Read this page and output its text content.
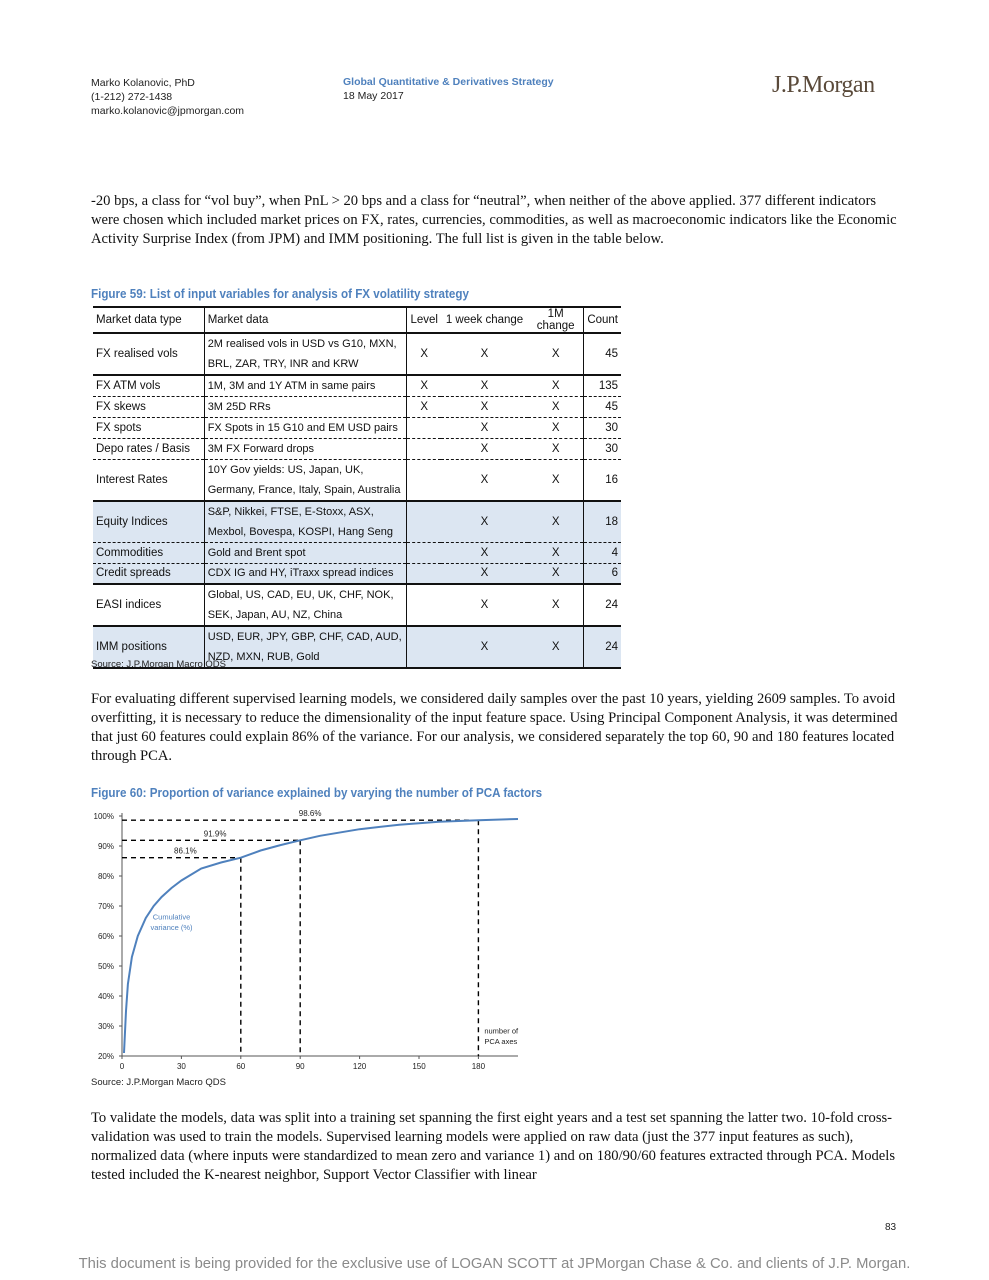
Marko Kolanovic, PhD
(1-212) 272-1438
marko.kolanovic@jpmorgan.com
Global Quantitative & Derivatives Strategy
18 May 2017	J.P.Morgan

-20 bps, a class for “vol buy”, when PnL > 20 bps and a class for “neutral”, when neither of the above applied. 377 different indicators were chosen which included market prices on FX, rates, currencies, commodities, as well as macroeconomic indicators like the Economic Activity Surprise Index (from JPM) and IMM positioning. The full list is given in the table below.

Figure 59: List of input variables for analysis of FX volatility strategy
Market data type	Market data	Level	1 week change	1M change	Count
FX realised vols	2M realised vols in USD vs G10, MXN, BRL, ZAR, TRY, INR and KRW	X	X	X	45
FX ATM vols	1M, 3M and 1Y ATM in same pairs	X	X	X	135
FX skews	3M 25D RRs	X	X	X	45
FX spots	FX Spots in 15 G10 and EM USD pairs		X	X	30
Depo rates / Basis	3M FX Forward drops		X	X	30
Interest Rates	10Y Gov yields: US, Japan, UK, Germany, France, Italy, Spain, Australia		X	X	16
Equity Indices	S&P, Nikkei, FTSE, E-Stoxx, ASX, Mexbol, Bovespa, KOSPI, Hang Seng		X	X	18
Commodities	Gold and Brent spot		X	X	4
Credit spreads	CDX IG and HY, iTraxx spread indices		X	X	6
EASI indices	Global, US, CAD, EU, UK, CHF, NOK, SEK, Japan, AU, NZ, China		X	X	24
IMM positions	USD, EUR, JPY, GBP, CHF, CAD, AUD, NZD, MXN, RUB, Gold		X	X	24
Source: J.P.Morgan Macro QDS

For evaluating different supervised learning models, we considered daily samples over the past 10 years, yielding 2609 samples. To avoid overfitting, it is necessary to reduce the dimensionality of the input feature space. Using Principal Component Analysis, it was determined that just 60 features could explain 86% of the variance. For our analysis, we considered separately the top 60, 90 and 180 features located through PCA.

Figure 60: Proportion of variance explained by varying the number of PCA factors
20%
30%
40%
50%
60%
70%
80%
90%
100%
0	30	60	90	120	150	180
86.1%
91.9%
98.6%
Cumulative
variance (%)
number of
PCA axes
Source: J.P.Morgan Macro QDS

To validate the models, data was split into a training set spanning the first eight years and a test set spanning the latter two. 10-fold cross-validation was used to train the models. Supervised learning models were applied on raw data (just the 377 input features as such), normalized data (where inputs were standardized to mean zero and variance 1) and on 180/90/60 features extracted through PCA. Models tested included the K-nearest neighbor, Support Vector Classifier with linear

83
This document is being provided for the exclusive use of LOGAN SCOTT at JPMorgan Chase & Co. and clients of J.P. Morgan.
